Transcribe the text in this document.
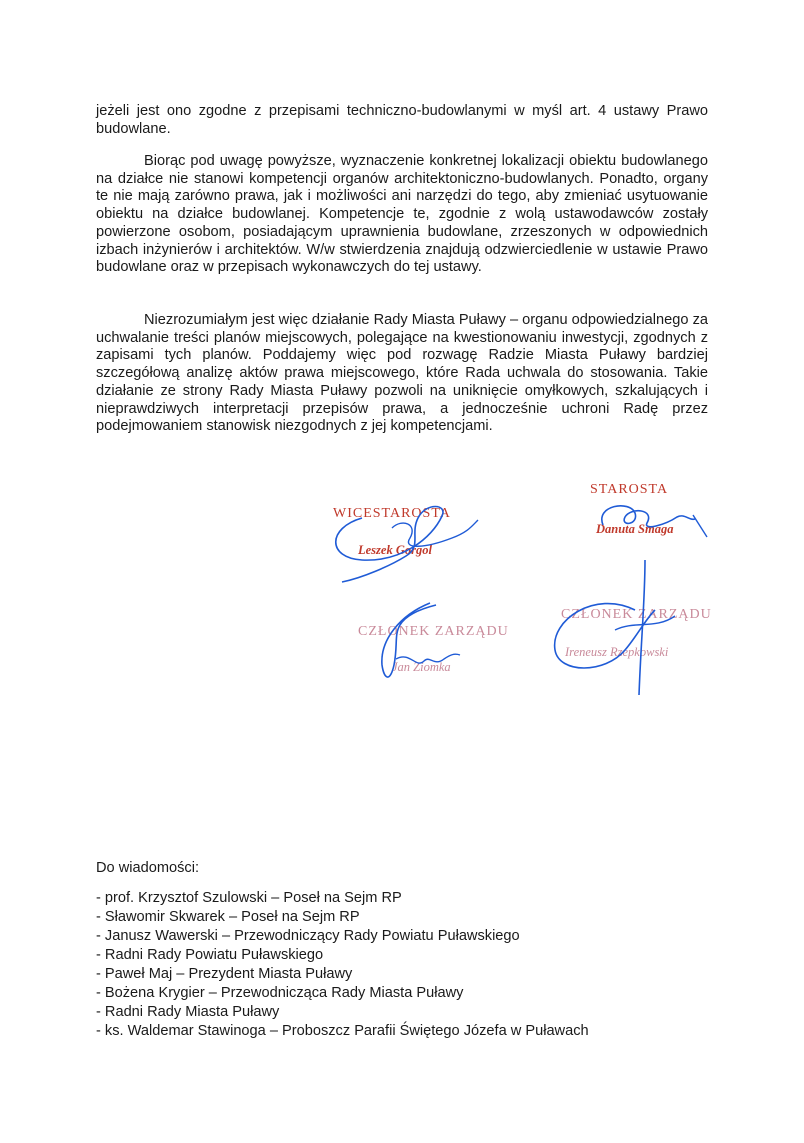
jeżeli jest ono zgodne z przepisami techniczno-budowlanymi w myśl art. 4 ustawy Prawo budowlane.

Biorąc pod uwagę powyższe, wyznaczenie konkretnej lokalizacji obiektu budowlanego na działce nie stanowi kompetencji organów architektoniczno-budowlanych. Ponadto, organy te nie mają zarówno prawa, jak i możliwości ani narzędzi do tego, aby zmieniać usytuowanie obiektu na działce budowlanej. Kompetencje te, zgodnie z wolą ustawodawców zostały powierzone osobom, posiadającym uprawnienia budowlane, zrzeszonych w odpowiednich izbach inżynierów i architektów. W/w stwierdzenia znajdują odzwierciedlenie w ustawie Prawo budowlane oraz w przepisach wykonawczych do tej ustawy.

Niezrozumiałym jest więc działanie Rady Miasta Puławy – organu odpowiedzialnego za uchwalanie treści planów miejscowych, polegające na kwestionowaniu inwestycji, zgodnych z zapisami tych planów. Poddajemy więc pod rozwagę Radzie Miasta Puławy bardziej szczegółową analizę aktów prawa miejscowego, które Rada uchwala do stosowania. Takie działanie ze strony Rady Miasta Puławy pozwoli na uniknięcie omyłkowych, szkalujących i nieprawdziwych interpretacji przepisów prawa, a jednocześnie uchroni Radę przez podejmowaniem stanowisk niezgodnych z jej kompetencjami.

STAROSTA
Danuta Smaga
WICESTAROSTA
Leszek Gorgol
CZŁONEK ZARZĄDU
Jan Ziomka
CZŁONEK ZARZĄDU
Ireneusz Rzepkowski
Do wiadomości:
- prof. Krzysztof Szulowski – Poseł na Sejm RP
- Sławomir Skwarek – Poseł na Sejm RP
- Janusz Wawerski – Przewodniczący Rady Powiatu Puławskiego
- Radni Rady Powiatu Puławskiego
- Paweł Maj – Prezydent Miasta Puławy
- Bożena Krygier – Przewodnicząca Rady Miasta Puławy
- Radni Rady Miasta Puławy
- ks. Waldemar Stawinoga – Proboszcz Parafii Świętego Józefa w Puławach
